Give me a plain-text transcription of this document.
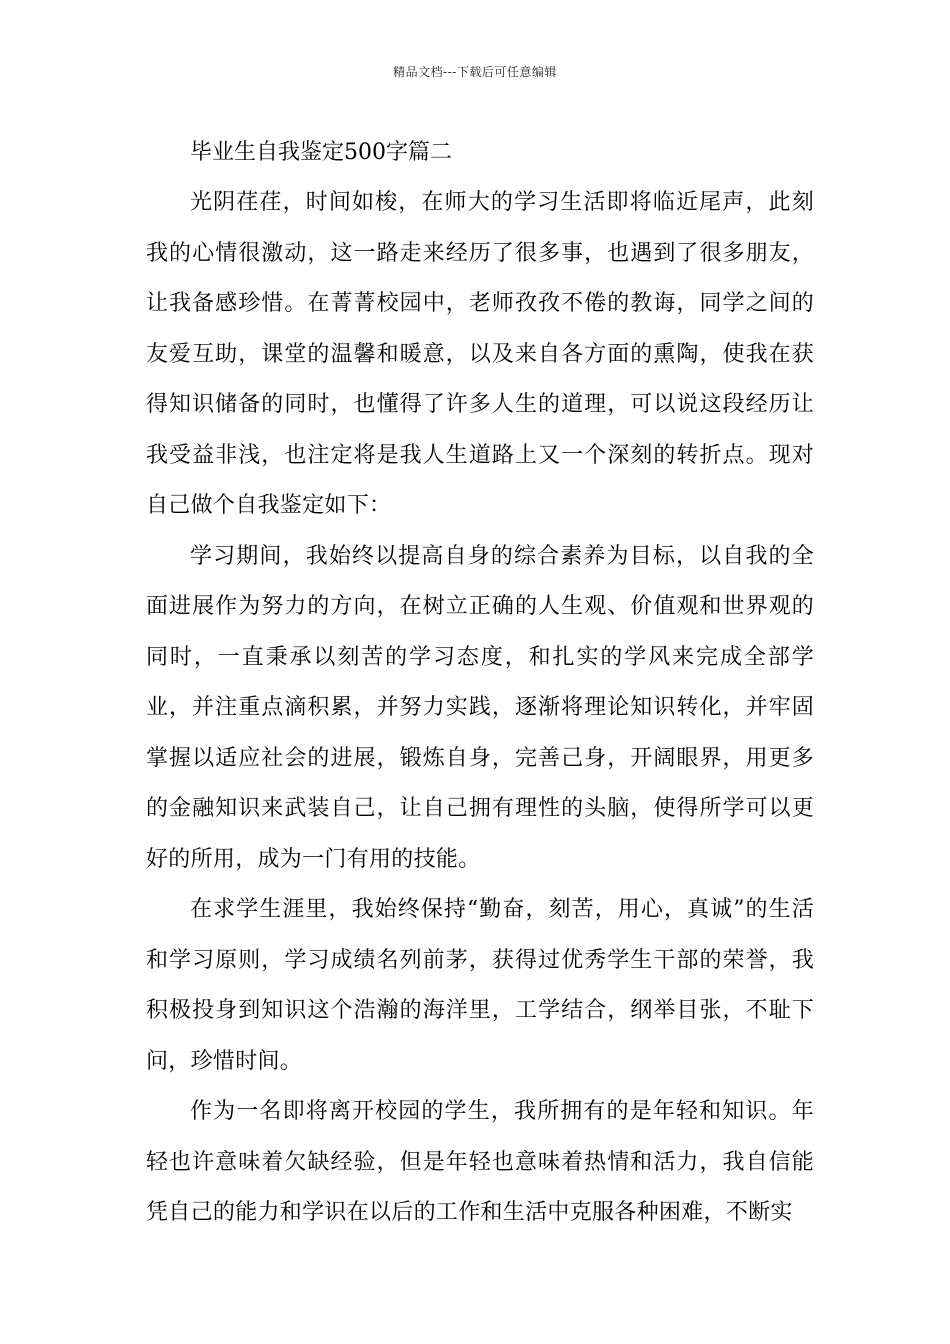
精品文档---下载后可任意编辑
毕业生自我鉴定500字篇二

光阴荏荏，时间如梭，在师大的学习生活即将临近尾声，此刻我的心情很激动，这一路走来经历了很多事，也遇到了很多朋友，让我备感珍惜。在菁菁校园中，老师孜孜不倦的教诲，同学之间的友爱互助，课堂的温馨和暖意，以及来自各方面的熏陶，使我在获得知识储备的同时，也懂得了许多人生的道理，可以说这段经历让我受益非浅，也注定将是我人生道路上又一个深刻的转折点。现对自己做个自我鉴定如下：

学习期间，我始终以提高自身的综合素养为目标，以自我的全面进展作为努力的方向，在树立正确的人生观、价值观和世界观的同时，一直秉承以刻苦的学习态度，和扎实的学风来完成全部学业，并注重点滴积累，并努力实践，逐渐将理论知识转化，并牢固掌握以适应社会的进展，锻炼自身，完善己身，开阔眼界，用更多的金融知识来武装自己，让自己拥有理性的头脑，使得所学可以更好的所用，成为一门有用的技能。

在求学生涯里，我始终保持“勤奋，刻苦，用心，真诚”的生活和学习原则，学习成绩名列前茅，获得过优秀学生干部的荣誉，我积极投身到知识这个浩瀚的海洋里，工学结合，纲举目张，不耻下问，珍惜时间。

作为一名即将离开校园的学生，我所拥有的是年轻和知识。年轻也许意味着欠缺经验，但是年轻也意味着热情和活力，我自信能凭自己的能力和学识在以后的工作和生活中克服各种困难，不断实
